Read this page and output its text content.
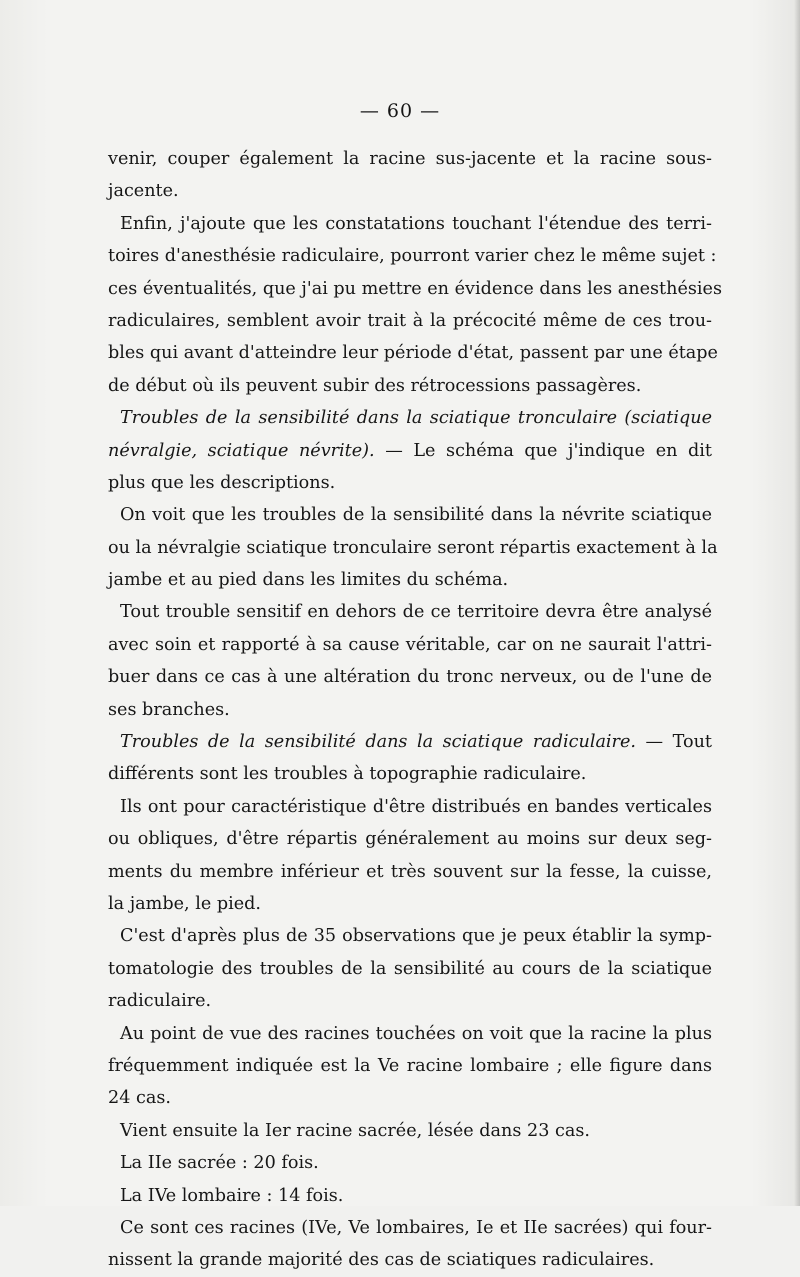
— 60 —
venir, couper également la racine sus-jacente et la racine sous-
jacente.
Enfin, j'ajoute que les constatations touchant l'étendue des terri-
toires d'anesthésie radiculaire, pourront varier chez le même sujet :
ces éventualités, que j'ai pu mettre en évidence dans les anesthésies
radiculaires, semblent avoir trait à la précocité même de ces trou-
bles qui avant d'atteindre leur période d'état, passent par une étape
de début où ils peuvent subir des rétrocessions passagères.
Troubles de la sensibilité dans la sciatique tronculaire (sciatique
névralgie, sciatique névrite). — Le schéma que j'indique en dit
plus que les descriptions.
On voit que les troubles de la sensibilité dans la névrite sciatique
ou la névralgie sciatique tronculaire seront répartis exactement à la
jambe et au pied dans les limites du schéma.
Tout trouble sensitif en dehors de ce territoire devra être analysé
avec soin et rapporté à sa cause véritable, car on ne saurait l'attri-
buer dans ce cas à une altération du tronc nerveux, ou de l'une de
ses branches.
Troubles de la sensibilité dans la sciatique radiculaire. — Tout
différents sont les troubles à topographie radiculaire.
Ils ont pour caractéristique d'être distribués en bandes verticales
ou obliques, d'être répartis généralement au moins sur deux seg-
ments du membre inférieur et très souvent sur la fesse, la cuisse,
la jambe, le pied.
C'est d'après plus de 35 observations que je peux établir la symp-
tomatologie des troubles de la sensibilité au cours de la sciatique
radiculaire.
Au point de vue des racines touchées on voit que la racine la plus
fréquemment indiquée est la Ve racine lombaire ; elle figure dans
24 cas.
Vient ensuite la Ier racine sacrée, lésée dans 23 cas.
La IIe sacrée : 20 fois.
La IVe lombaire : 14 fois.
Ce sont ces racines (IVe, Ve lombaires, Ie et IIe sacrées) qui four-
nissent la grande majorité des cas de sciatiques radiculaires.
